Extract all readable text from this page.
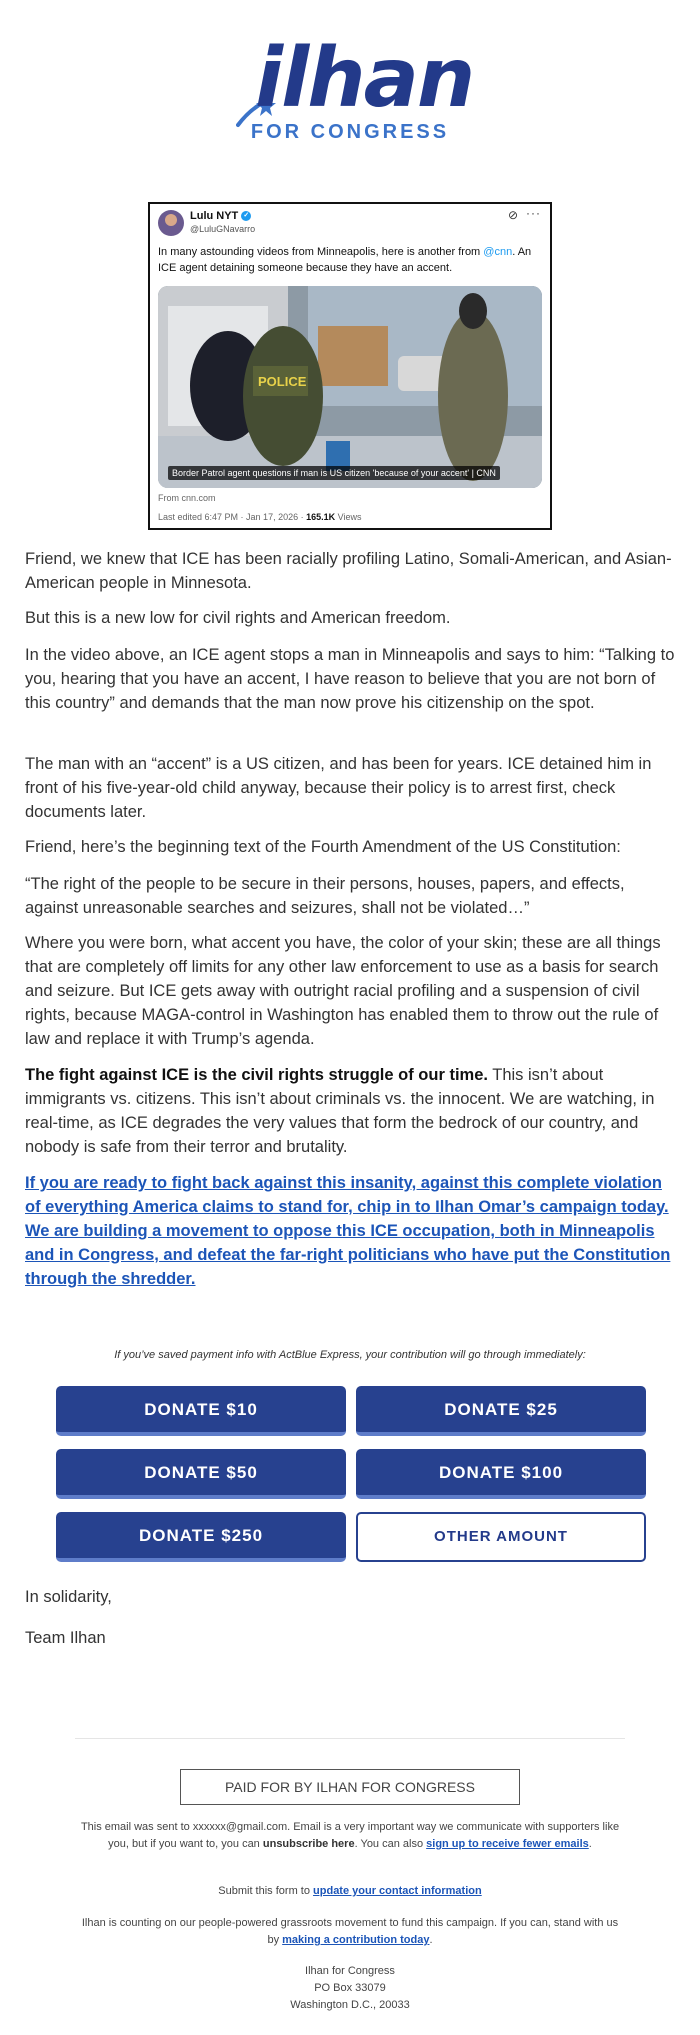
ilhan
FOR CONGRESS
Lulu NYT ✓
@LuluGNavarro
⊘ ···
In many astounding videos from Minneapolis, here is another from @cnn. An ICE agent detaining someone because they have an accent.
POLICE
Border Patrol agent questions if man is US citizen 'because of your accent' | CNN
From cnn.com
Last edited 6:47 PM · Jan 17, 2026 · 165.1K Views
Friend, we knew that ICE has been racially profiling Latino, Somali-American, and Asian-American people in Minnesota.
But this is a new low for civil rights and American freedom.
In the video above, an ICE agent stops a man in Minneapolis and says to him: “Talking to you, hearing that you have an accent, I have reason to believe that you are not born of this country” and demands that the man now prove his citizenship on the spot.
The man with an “accent” is a US citizen, and has been for years. ICE detained him in front of his five-year-old child anyway, because their policy is to arrest first, check documents later.
Friend, here’s the beginning text of the Fourth Amendment of the US Constitution:
“The right of the people to be secure in their persons, houses, papers, and effects, against unreasonable searches and seizures, shall not be violated…”
Where you were born, what accent you have, the color of your skin; these are all things that are completely off limits for any other law enforcement to use as a basis for search and seizure. But ICE gets away with outright racial profiling and a suspension of civil rights, because MAGA-control in Washington has enabled them to throw out the rule of law and replace it with Trump’s agenda.
The fight against ICE is the civil rights struggle of our time. This isn’t about immigrants vs. citizens. This isn’t about criminals vs. the innocent. We are watching, in real-time, as ICE degrades the very values that form the bedrock of our country, and nobody is safe from their terror and brutality.
If you are ready to fight back against this insanity, against this complete violation of everything America claims to stand for, chip in to Ilhan Omar’s campaign today. We are building a movement to oppose this ICE occupation, both in Minneapolis and in Congress, and defeat the far-right politicians who have put the Constitution through the shredder.
If you’ve saved payment info with ActBlue Express, your contribution will go through immediately:
DONATE $10	DONATE $25
DONATE $50	DONATE $100
DONATE $250	OTHER AMOUNT
In solidarity,
Team Ilhan
PAID FOR BY ILHAN FOR CONGRESS
This email was sent to xxxxxx@gmail.com. Email is a very important way we communicate with supporters like you, but if you want to, you can unsubscribe here. You can also sign up to receive fewer emails.
Submit this form to update your contact information
Ilhan is counting on our people-powered grassroots movement to fund this campaign. If you can, stand with us by making a contribution today.
Ilhan for Congress
PO Box 33079
Washington D.C., 20033
